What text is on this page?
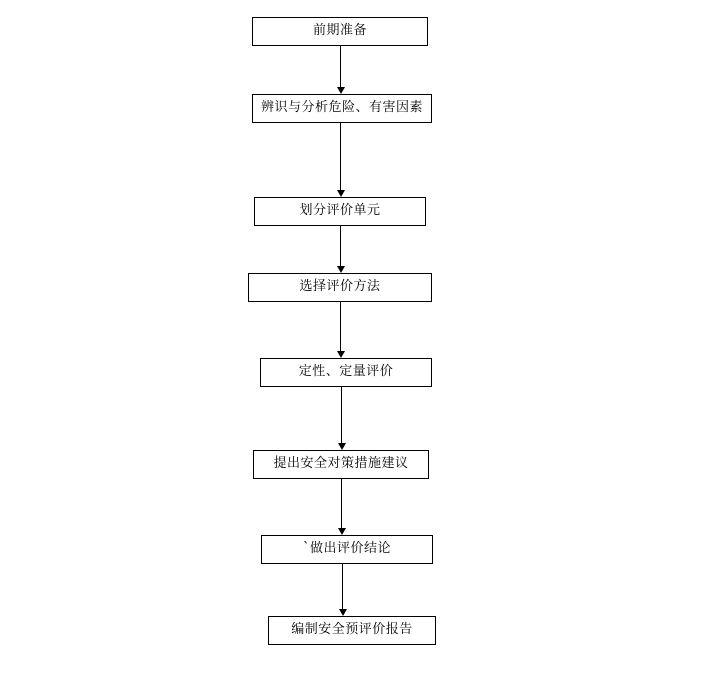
前期准备
辨识与分析危险、有害因素
划分评价单元
选择评价方法
定性、定量评价
提出安全对策措施建议
`做出评价结论
编制安全预评价报告
